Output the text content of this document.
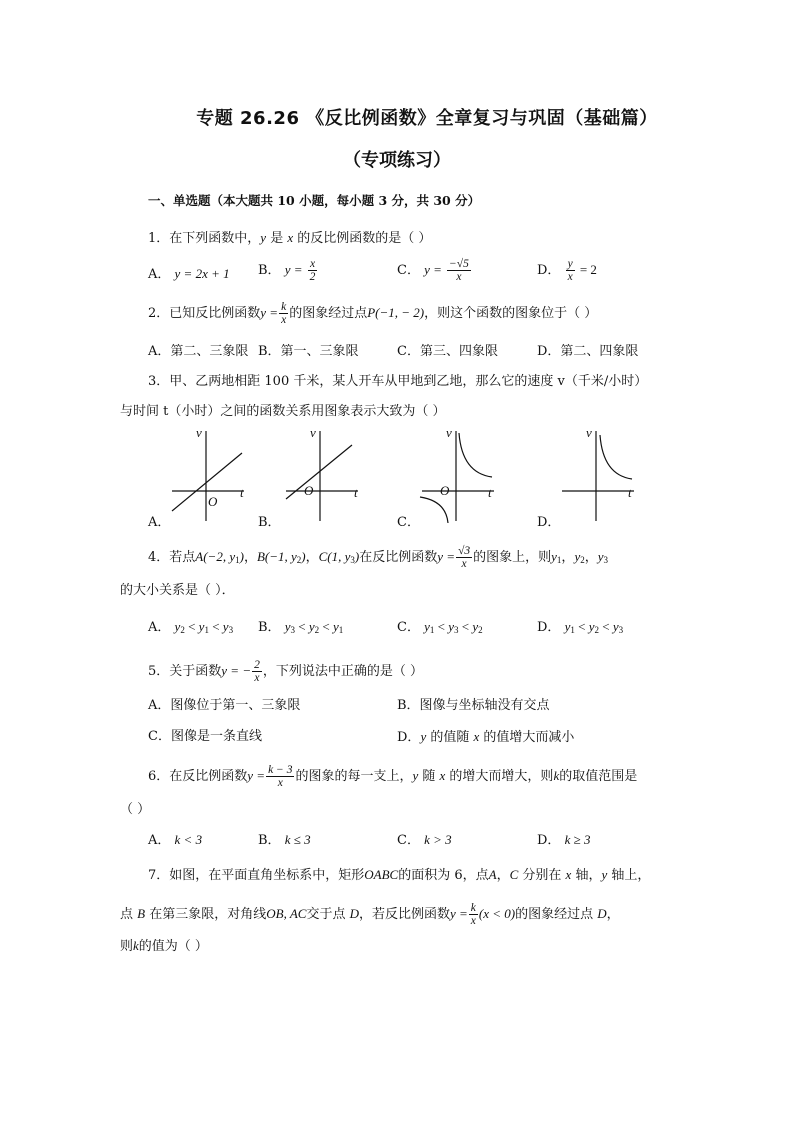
专题 26.26 《反比例函数》全章复习与巩固（基础篇）
（专项练习）
一、单选题（本大题共 10 小题，每小题 3 分，共 30 分）
1．在下列函数中，y 是 x 的反比例函数的是（ ）
A． y = 2x + 1 B． $y = \frac{x}{2}$	C． $y = \frac{-√5}{x}$	D． $\frac{y}{x} = 2$
2．已知反比例函数$y = \frac{k}{x}$ 的图象经过点P(−1, − 2)，则这个函数的图象位于（ ）
A．第二、三象限 B．第一、三象限	C．第三、四象限	D．第二、四象限
3．甲、乙两地相距 100 千米，某人开车从甲地到乙地，那么它的速度 v（千米/小时）
与时间 t（小时）之间的函数关系用图象表示大致为（ ）
v
t
O
A．
v
t
O
B．
v
t
O
C．
v
t
D．
4．若点A(−2, $y_1$)，B(−1, $y_2$)，C(1, $y_3$)在反比例函数$y = \frac{√3}{x}$ 的图象上，则$y_1$，$y_2$，$y_3$
的大小关系是（ ）．
A． $y_2 < y_1 < y_3$ B． $y_3 < y_2 < y_1$	C． $y_1 < y_3 < y_2$	D． $y_1 < y_2 < y_3$
5．关于函数y = − $\frac{2}{x}$ ，下列说法中正确的是（ ）
A．图像位于第一、三象限	B．图像与坐标轴没有交点
C．图像是一条直线	D．y 的值随 x 的值增大而减小
6．在反比例函数$y = \frac{k - 3}{x}$ 的图象的每一支上，y 随 x 的增大而增大，则k的取值范围是
（ ）
A． k < 3	B． k ≤ 3	C． k > 3	D． k ≥ 3
7．如图，在平面直角坐标系中，矩形OABC的面积为 6，点A，C 分别在 x 轴，y 轴上，
点 B 在第三象限，对角线OB, AC交于点 D，若反比例函数$y = \frac{k}{x} (x < 0)$的图象经过点 D，
则k的值为（ ）
